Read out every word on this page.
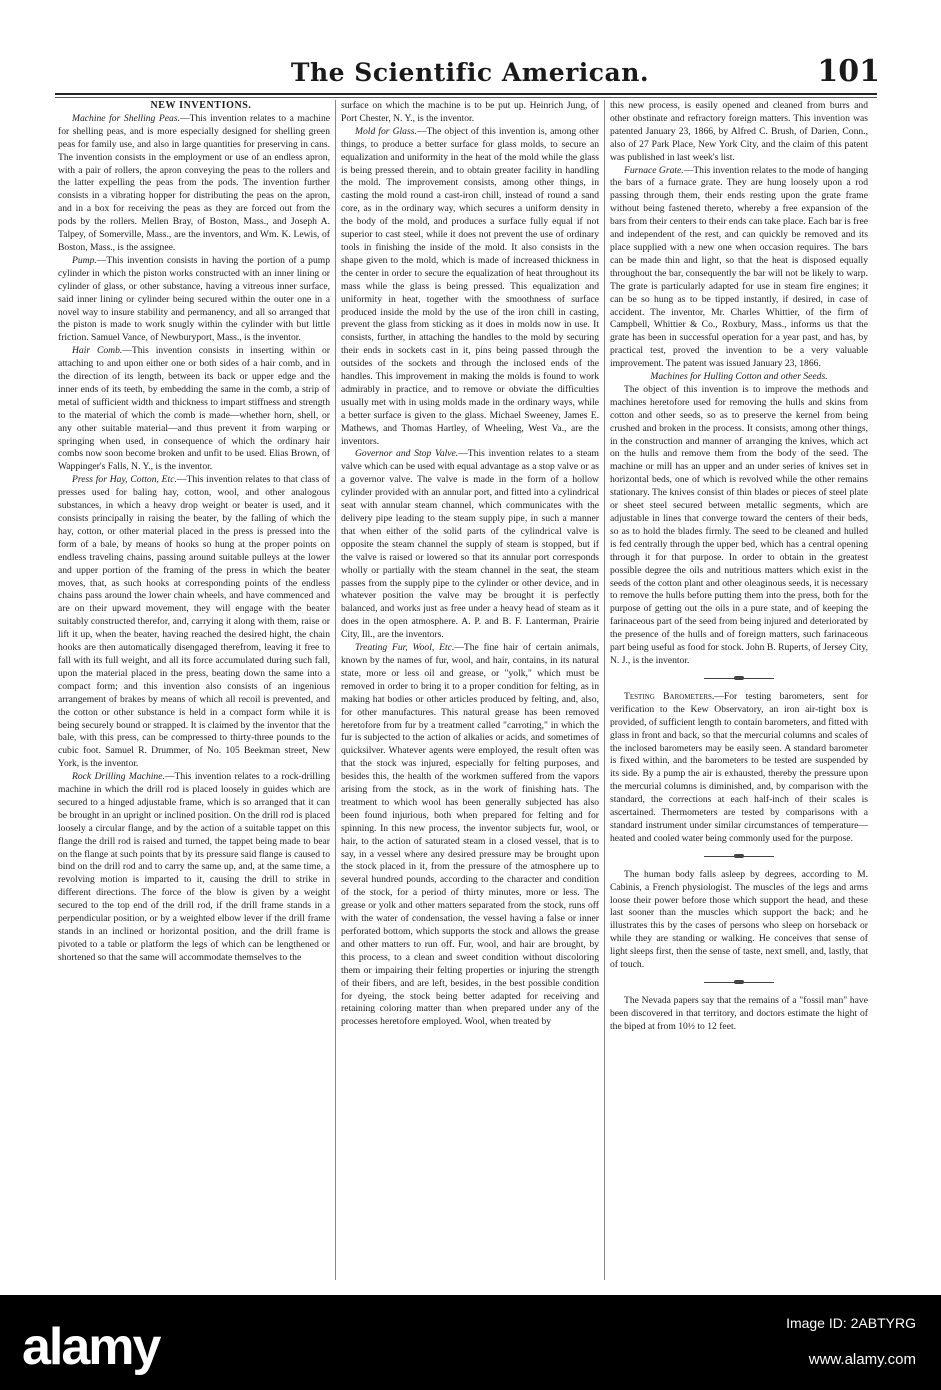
The Scientific American.	101

NEW INVENTIONS.

Machine for Shelling Peas.—This invention relates to a machine for shelling peas, and is more especially designed for shelling green peas for family use, and also in large quantities for preserving in cans. The invention consists in the employment or use of an endless apron, with a pair of rollers, the apron conveying the peas to the rollers and the latter expelling the peas from the pods. The invention further consists in a vibrating hopper for distributing the peas on the apron, and in a box for receiving the peas as they are forced out from the pods by the rollers. Mellen Bray, of Boston, Mass., and Joseph A. Talpey, of Somerville, Mass., are the inventors, and Wm. K. Lewis, of Boston, Mass., is the assignee.

Pump.—This invention consists in having the portion of a pump cylinder in which the piston works constructed with an inner lining or cylinder of glass, or other substance, having a vitreous inner surface, said inner lining or cylinder being secured within the outer one in a novel way to insure stability and permanency, and all so arranged that the piston is made to work snugly within the cylinder with but little friction. Samuel Vance, of Newburyport, Mass., is the inventor.

Hair Comb.—This invention consists in inserting within or attaching to and upon either one or both sides of a hair comb, and in the direction of its length, between its back or upper edge and the inner ends of its teeth, by embedding the same in the comb, a strip of metal of sufficient width and thickness to impart stiffness and strength to the material of which the comb is made—whether horn, shell, or any other suitable material—and thus prevent it from warping or springing when used, in consequence of which the ordinary hair combs now soon become broken and unfit to be used. Elias Brown, of Wappinger's Falls, N. Y., is the inventor.

Press for Hay, Cotton, Etc.—This invention relates to that class of presses used for baling hay, cotton, wool, and other analogous substances, in which a heavy drop weight or beater is used, and it consists principally in raising the beater, by the falling of which the hay, cotton, or other material placed in the press is pressed into the form of a bale, by means of hooks so hung at the proper points on endless traveling chains, passing around suitable pulleys at the lower and upper portion of the framing of the press in which the beater moves, that, as such hooks at corresponding points of the endless chains pass around the lower chain wheels, and have commenced and are on their upward movement, they will engage with the beater suitably constructed therefor, and, carrying it along with them, raise or lift it up, when the beater, having reached the desired hight, the chain hooks are then automatically disengaged therefrom, leaving it free to fall with its full weight, and all its force accumulated during such fall, upon the material placed in the press, beating down the same into a compact form; and this invention also consists of an ingenious arrangement of brakes by means of which all recoil is prevented, and the cotton or other substance is held in a compact form while it is being securely bound or strapped. It is claimed by the inventor that the bale, with this press, can be compressed to thirty-three pounds to the cubic foot. Samuel R. Drummer, of No. 105 Beekman street, New York, is the inventor.

Rock Drilling Machine.—This invention relates to a rock-drilling machine in which the drill rod is placed loosely in guides which are secured to a hinged adjustable frame, which is so arranged that it can be brought in an upright or inclined position. On the drill rod is placed loosely a circular flange, and by the action of a suitable tappet on this flange the drill rod is raised and turned, the tappet being made to bear on the flange at such points that by its pressure said flange is caused to bind on the drill rod and to carry the same up, and, at the same time, a revolving motion is imparted to it, causing the drill to strike in different directions. The force of the blow is given by a weight secured to the top end of the drill rod, if the drill frame stands in a perpendicular position, or by a weighted elbow lever if the drill frame stands in an inclined or horizontal position, and the drill frame is pivoted to a table or platform the legs of which can be lengthened or shortened so that the same will accommodate themselves to the

surface on which the machine is to be put up. Heinrich Jung, of Port Chester, N. Y., is the inventor.

Mold for Glass.—The object of this invention is, among other things, to produce a better surface for glass molds, to secure an equalization and uniformity in the heat of the mold while the glass is being pressed therein, and to obtain greater facility in handling the mold. The improvement consists, among other things, in casting the mold round a cast-iron chill, instead of round a sand core, as in the ordinary way, which secures a uniform density in the body of the mold, and produces a surface fully equal if not superior to cast steel, while it does not prevent the use of ordinary tools in finishing the inside of the mold. It also consists in the shape given to the mold, which is made of increased thickness in the center in order to secure the equalization of heat throughout its mass while the glass is being pressed. This equalization and uniformity in heat, together with the smoothness of surface produced inside the mold by the use of the iron chill in casting, prevent the glass from sticking as it does in molds now in use. It consists, further, in attaching the handles to the mold by securing their ends in sockets cast in it, pins being passed through the outsides of the sockets and through the inclosed ends of the handles. This improvement in making the molds is found to work admirably in practice, and to remove or obviate the difficulties usually met with in using molds made in the ordinary ways, while a better surface is given to the glass. Michael Sweeney, James E. Mathews, and Thomas Hartley, of Wheeling, West Va., are the inventors.

Governor and Stop Valve.—This invention relates to a steam valve which can be used with equal advantage as a stop valve or as a governor valve. The valve is made in the form of a hollow cylinder provided with an annular port, and fitted into a cylindrical seat with annular steam channel, which communicates with the delivery pipe leading to the steam supply pipe, in such a manner that when either of the solid parts of the cylindrical valve is opposite the steam channel the supply of steam is stopped, but if the valve is raised or lowered so that its annular port corresponds wholly or partially with the steam channel in the seat, the steam passes from the supply pipe to the cylinder or other device, and in whatever position the valve may be brought it is perfectly balanced, and works just as free under a heavy head of steam as it does in the open atmosphere. A. P. and B. F. Lanterman, Prairie City, Ill., are the inventors.

Treating Fur, Wool, Etc.—The fine hair of certain animals, known by the names of fur, wool, and hair, contains, in its natural state, more or less oil and grease, or "yolk," which must be removed in order to bring it to a proper condition for felting, as in making hat bodies or other articles produced by felting, and, also, for other manufactures. This natural grease has been removed heretofore from fur by a treatment called "carroting," in which the fur is subjected to the action of alkalies or acids, and sometimes of quicksilver. Whatever agents were employed, the result often was that the stock was injured, especially for felting purposes, and besides this, the health of the workmen suffered from the vapors arising from the stock, as in the work of finishing hats. The treatment to which wool has been generally subjected has also been found injurious, both when prepared for felting and for spinning. In this new process, the inventor subjects fur, wool, or hair, to the action of saturated steam in a closed vessel, that is to say, in a vessel where any desired pressure may be brought upon the stock placed in it, from the pressure of the atmosphere up to several hundred pounds, according to the character and condition of the stock, for a period of thirty minutes, more or less. The grease or yolk and other matters separated from the stock, runs off with the water of condensation, the vessel having a false or inner perforated bottom, which supports the stock and allows the grease and other matters to run off. Fur, wool, and hair are brought, by this process, to a clean and sweet condition without discoloring them or impairing their felting properties or injuring the strength of their fibers, and are left, besides, in the best possible condition for dyeing, the stock being better adapted for receiving and retaining coloring matter than when prepared under any of the processes heretofore employed. Wool, when treated by

this new process, is easily opened and cleaned from burrs and other obstinate and refractory foreign matters. This invention was patented January 23, 1866, by Alfred C. Brush, of Darien, Conn., also of 27 Park Place, New York City, and the claim of this patent was published in last week's list.

Furnace Grate.—This invention relates to the mode of hanging the bars of a furnace grate. They are hung loosely upon a rod passing through them, their ends resting upon the grate frame without being fastened thereto, whereby a free expansion of the bars from their centers to their ends can take place. Each bar is free and independent of the rest, and can quickly be removed and its place supplied with a new one when occasion requires. The bars can be made thin and light, so that the heat is disposed equally throughout the bar, consequently the bar will not be likely to warp. The grate is particularly adapted for use in steam fire engines; it can be so hung as to be tipped instantly, if desired, in case of accident. The inventor, Mr. Charles Whittier, of the firm of Campbell, Whittier & Co., Roxbury, Mass., informs us that the grate has been in successful operation for a year past, and has, by practical test, proved the invention to be a very valuable improvement. The patent was issued January 23, 1866.

Machines for Hulling Cotton and other Seeds.

The object of this invention is to improve the methods and machines heretofore used for removing the hulls and skins from cotton and other seeds, so as to preserve the kernel from being crushed and broken in the process. It consists, among other things, in the construction and manner of arranging the knives, which act on the hulls and remove them from the body of the seed. The machine or mill has an upper and an under series of knives set in horizontal beds, one of which is revolved while the other remains stationary. The knives consist of thin blades or pieces of steel plate or sheet steel secured between metallic segments, which are adjustable in lines that converge toward the centers of their beds, so as to hold the blades firmly. The seed to be cleaned and hulled is fed centrally through the upper bed, which has a central opening through it for that purpose. In order to obtain in the greatest possible degree the oils and nutritious matters which exist in the seeds of the cotton plant and other oleaginous seeds, it is necessary to remove the hulls before putting them into the press, both for the purpose of getting out the oils in a pure state, and of keeping the farinaceous part of the seed from being injured and deteriorated by the presence of the hulls and of foreign matters, such farinaceous part being useful as food for stock. John B. Ruperts, of Jersey City, N. J., is the inventor.

Testing Barometers.—For testing barometers, sent for verification to the Kew Observatory, an iron air-tight box is provided, of sufficient length to contain barometers, and fitted with glass in front and back, so that the mercurial columns and scales of the inclosed barometers may be easily seen. A standard barometer is fixed within, and the barometers to be tested are suspended by its side. By a pump the air is exhausted, thereby the pressure upon the mercurial columns is diminished, and, by comparison with the standard, the corrections at each half-inch of their scales is ascertained. Thermometers are tested by comparisons with a standard instrument under similar circumstances of temperature—heated and cooled water being commonly used for the purpose.

The human body falls asleep by degrees, according to M. Cabinis, a French physiologist. The muscles of the legs and arms loose their power before those which support the head, and these last sooner than the muscles which support the back; and he illustrates this by the cases of persons who sleep on horseback or while they are standing or walking. He conceives that sense of light sleeps first, then the sense of taste, next smell, and, lastly, that of touch.

The Nevada papers say that the remains of a "fossil man" have been discovered in that territory, and doctors estimate the hight of the biped at from 10½ to 12 feet.

alamy	Image ID: 2ABTYRG
www.alamy.com
